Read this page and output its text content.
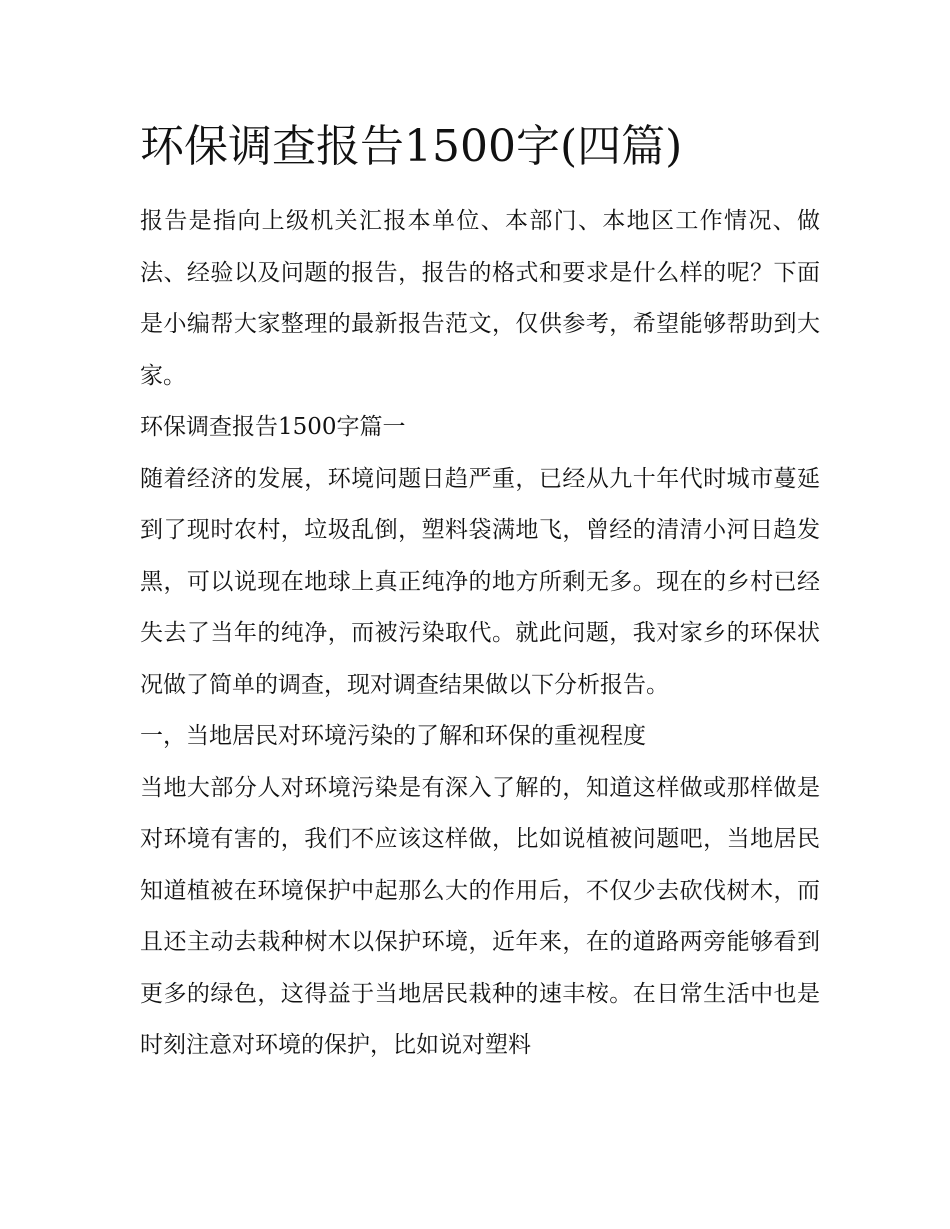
环保调查报告1500字(四篇)

报告是指向上级机关汇报本单位、本部门、本地区工作情况、做法、经验以及问题的报告，报告的格式和要求是什么样的呢？下面是小编帮大家整理的最新报告范文，仅供参考，希望能够帮助到大家。

环保调查报告1500字篇一

随着经济的发展，环境问题日趋严重，已经从九十年代时城市蔓延到了现时农村，垃圾乱倒，塑料袋满地飞，曾经的清清小河日趋发黑，可以说现在地球上真正纯净的地方所剩无多。现在的乡村已经失去了当年的纯净，而被污染取代。就此问题，我对家乡的环保状况做了简单的调查，现对调查结果做以下分析报告。

一，当地居民对环境污染的了解和环保的重视程度

当地大部分人对环境污染是有深入了解的，知道这样做或那样做是对环境有害的，我们不应该这样做，比如说植被问题吧，当地居民知道植被在环境保护中起那么大的作用后，不仅少去砍伐树木，而且还主动去栽种树木以保护环境，近年来，在的道路两旁能够看到更多的绿色，这得益于当地居民栽种的速丰桉。在日常生活中也是时刻注意对环境的保护，比如说对塑料
